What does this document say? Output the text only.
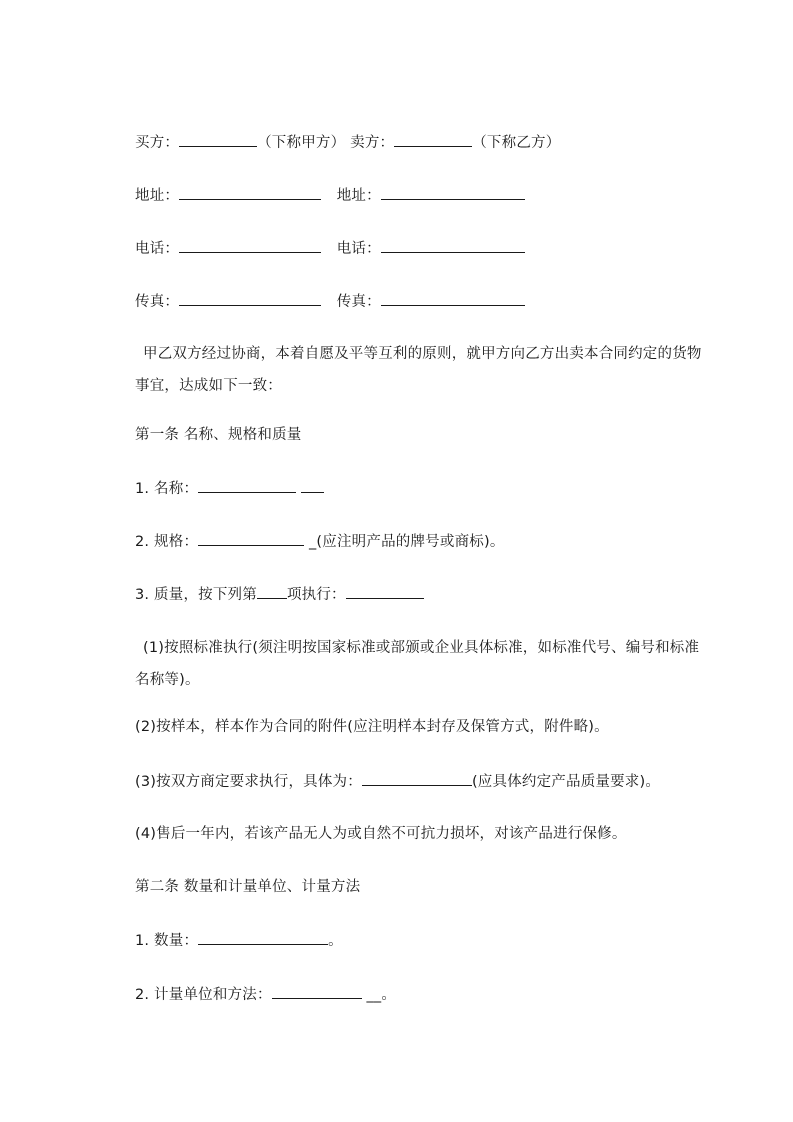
买方：	（下称甲方） 卖方：	（下称乙方）
地址：	地址：
电话：	电话：
传真：	传真：
甲乙双方经过协商，本着自愿及平等互利的原则，就甲方向乙方出卖本合同约定的货物事宜，达成如下一致：
第一条 名称、规格和质量
1. 名称：
2. 规格：	_(应注明产品的牌号或商标)。
3. 质量，按下列第 项执行：
(1)按照标准执行(须注明按国家标准或部颁或企业具体标准，如标准代号、编号和标准名称等)。
(2)按样本，样本作为合同的附件(应注明样本封存及保管方式，附件略)。
(3)按双方商定要求执行，具体为：	(应具体约定产品质量要求)。
(4)售后一年内，若该产品无人为或自然不可抗力损坏，对该产品进行保修。
第二条 数量和计量单位、计量方法
1. 数量：	。
2. 计量单位和方法：	__。
